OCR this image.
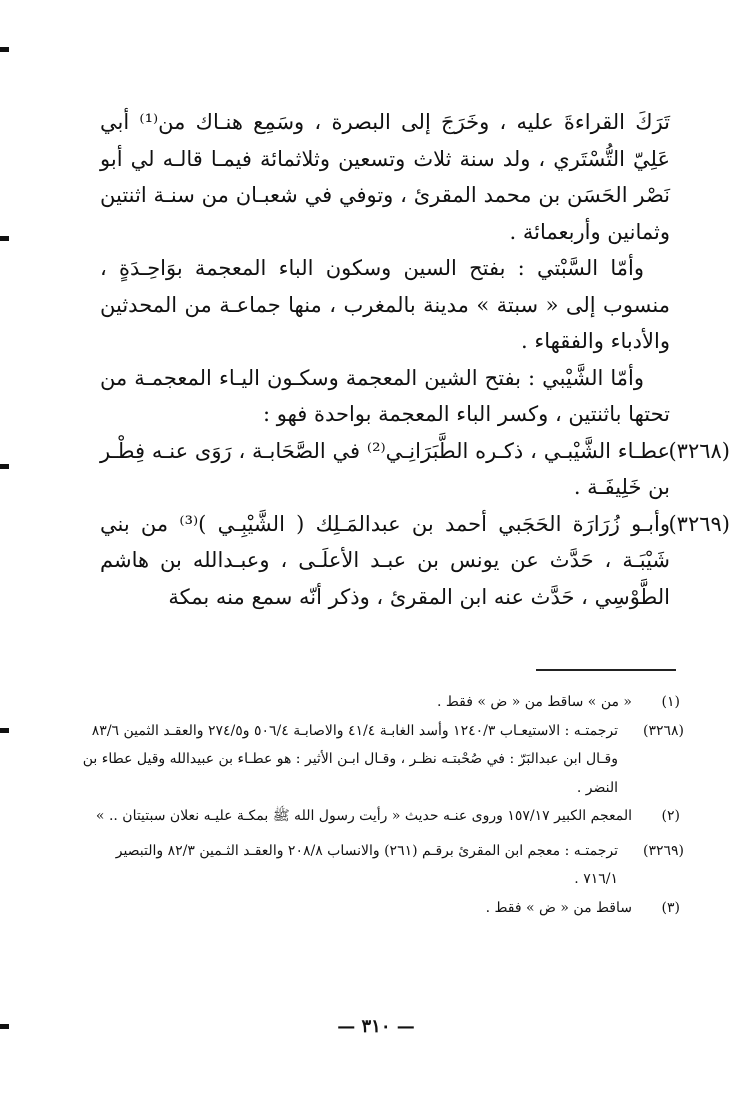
تَرَكَ القراءةَ عليه ، وخَرَجَ إلى البصرة ، وسَمِع هنـاك من⁽¹⁾ أبي عَلِيّ التُّسْتَري ، ولد سنة ثلاث وتسعين وثلاثمائة فيمـا قالـه لي أبو نَصْر الحَسَن بن محمد المقرئ ، وتوفي في شعبـان من سنـة اثنتين وثمانين وأربعمائة .

وأمّا السَّبْتي : بفتح السين وسكون الباء المعجمة بوَاحِـدَةٍ ، منسوب إلى « سبتة » مدينة بالمغرب ، منها جماعـة من المحدثين والأدباء والفقهاء .

وأمّا الشَّيْبي : بفتح الشين المعجمة وسكـون اليـاء المعجمـة من تحتها باثنتين ، وكسر الباء المعجمة بواحدة فهو :

(٣٢٦٨)
عطـاء الشَّيْبـي ، ذكـره الطَّبَرَانِـي⁽²⁾ في الصَّحَابـة ، رَوَى عنـه فِطْـر بن خَلِيفَـة .
(٣٢٦٩)
وأبـو زُرَارَة الحَجَبي أحمد بن عبدالمَـلِك ( الشَّيْبِـي )⁽³⁾ من بني شَيْبَـة ، حَدَّث عن يونس بن عبـد الأعلَـى ، وعبـدالله بن هاشم الطَّوْسِي ، حَدَّث عنه ابن المقرئ ، وذكر أنّه سمع منه بمكة
(١)
« من » ساقط من « ض » فقط .
(٣٢٦٨)
ترجمتـه : الاستيعـاب ١٢٤٠/٣ وأسد الغابـة ٤١/٤ والاصابـة ٥٠٦/٤ و٢٧٤/٥ والعقـد الثمين ٨٣/٦ وقـال ابن عبدالبَرّ : في صُحْبتـه نظـر ، وقـال ابـن الأثير : هو عطـاء بن عبيدالله وقيل عطاء بن النضر .
(٢)
المعجم الكبير ١٥٧/١٧ وروى عنـه حديث « رأيت رسول الله ﷺ بمكـة عليـه نعلان سبتيتان .. »
(٣٢٦٩)
ترجمتـه : معجم ابن المقرئ برقـم (٢٦١) والانساب ٢٠٨/٨ والعقـد الثـمين ٨٢/٣ والتبصير ٧١٦/١ .
(٣)
ساقط من « ض » فقط .
— ٣١٠ —
